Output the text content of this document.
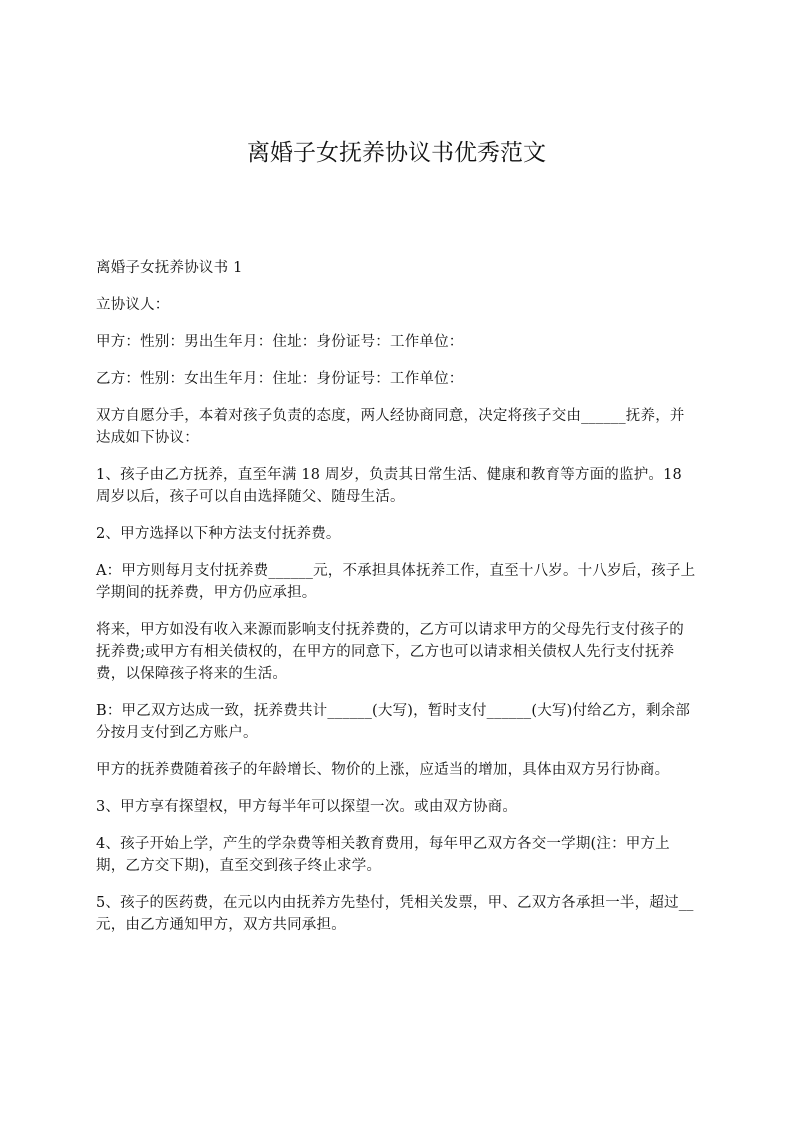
离婚子女抚养协议书优秀范文

离婚子女抚养协议书 1

立协议人：

甲方：性别：男出生年月：住址：身份证号：工作单位：

乙方：性别：女出生年月：住址：身份证号：工作单位：

双方自愿分手，本着对孩子负责的态度，两人经协商同意，决定将孩子交由______抚养，并达成如下协议：

1、孩子由乙方抚养，直至年满 18 周岁，负责其日常生活、健康和教育等方面的监护。18 周岁以后，孩子可以自由选择随父、随母生活。

2、甲方选择以下种方法支付抚养费。

A：甲方则每月支付抚养费______元，不承担具体抚养工作，直至十八岁。十八岁后，孩子上学期间的抚养费，甲方仍应承担。

将来，甲方如没有收入来源而影响支付抚养费的，乙方可以请求甲方的父母先行支付孩子的抚养费;或甲方有相关债权的，在甲方的同意下，乙方也可以请求相关债权人先行支付抚养费，以保障孩子将来的生活。

B：甲乙双方达成一致，抚养费共计______(大写)，暂时支付______(大写)付给乙方，剩余部分按月支付到乙方账户。

甲方的抚养费随着孩子的年龄增长、物价的上涨，应适当的增加，具体由双方另行协商。

3、甲方享有探望权，甲方每半年可以探望一次。或由双方协商。

4、孩子开始上学，产生的学杂费等相关教育费用，每年甲乙双方各交一学期(注：甲方上期，乙方交下期)，直至交到孩子终止求学。

5、孩子的医药费，在元以内由抚养方先垫付，凭相关发票，甲、乙双方各承担一半，超过__元，由乙方通知甲方，双方共同承担。
